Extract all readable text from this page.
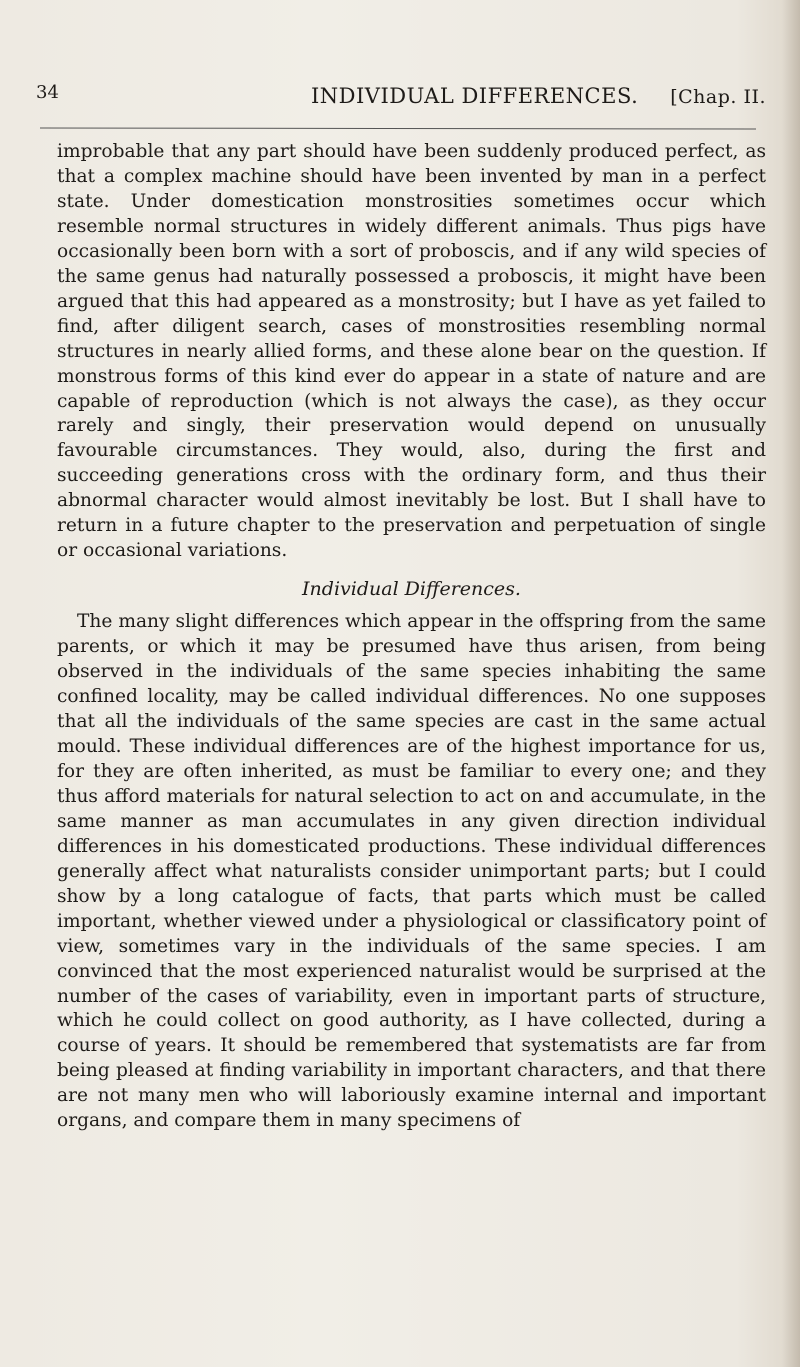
34	INDIVIDUAL DIFFERENCES. [Chap. II.

improbable that any part should have been suddenly produced perfect, as that a complex machine should have been invented by man in a perfect state. Under domestication monstrosities sometimes occur which resemble normal structures in widely different animals. Thus pigs have occasionally been born with a sort of proboscis, and if any wild species of the same genus had naturally possessed a proboscis, it might have been argued that this had appeared as a monstrosity; but I have as yet failed to find, after diligent search, cases of monstrosities resembling normal structures in nearly allied forms, and these alone bear on the question. If monstrous forms of this kind ever do appear in a state of nature and are capable of reproduction (which is not always the case), as they occur rarely and singly, their preservation would depend on unusually favourable circumstances. They would, also, during the first and succeeding generations cross with the ordinary form, and thus their abnormal character would almost inevitably be lost. But I shall have to return in a future chapter to the preservation and perpetuation of single or occasional variations.

Individual Differences.

The many slight differences which appear in the offspring from the same parents, or which it may be presumed have thus arisen, from being observed in the individuals of the same species inhabiting the same confined locality, may be called individual differences. No one supposes that all the individuals of the same species are cast in the same actual mould. These individual differences are of the highest importance for us, for they are often inherited, as must be familiar to every one; and they thus afford materials for natural selection to act on and accumulate, in the same manner as man accumulates in any given direction individual differences in his domesticated productions. These individual differences generally affect what naturalists consider unimportant parts; but I could show by a long catalogue of facts, that parts which must be called important, whether viewed under a physiological or classificatory point of view, sometimes vary in the individuals of the same species. I am convinced that the most experienced naturalist would be surprised at the number of the cases of variability, even in important parts of structure, which he could collect on good authority, as I have collected, during a course of years. It should be remembered that systematists are far from being pleased at finding variability in important characters, and that there are not many men who will laboriously examine internal and important organs, and compare them in many specimens of
